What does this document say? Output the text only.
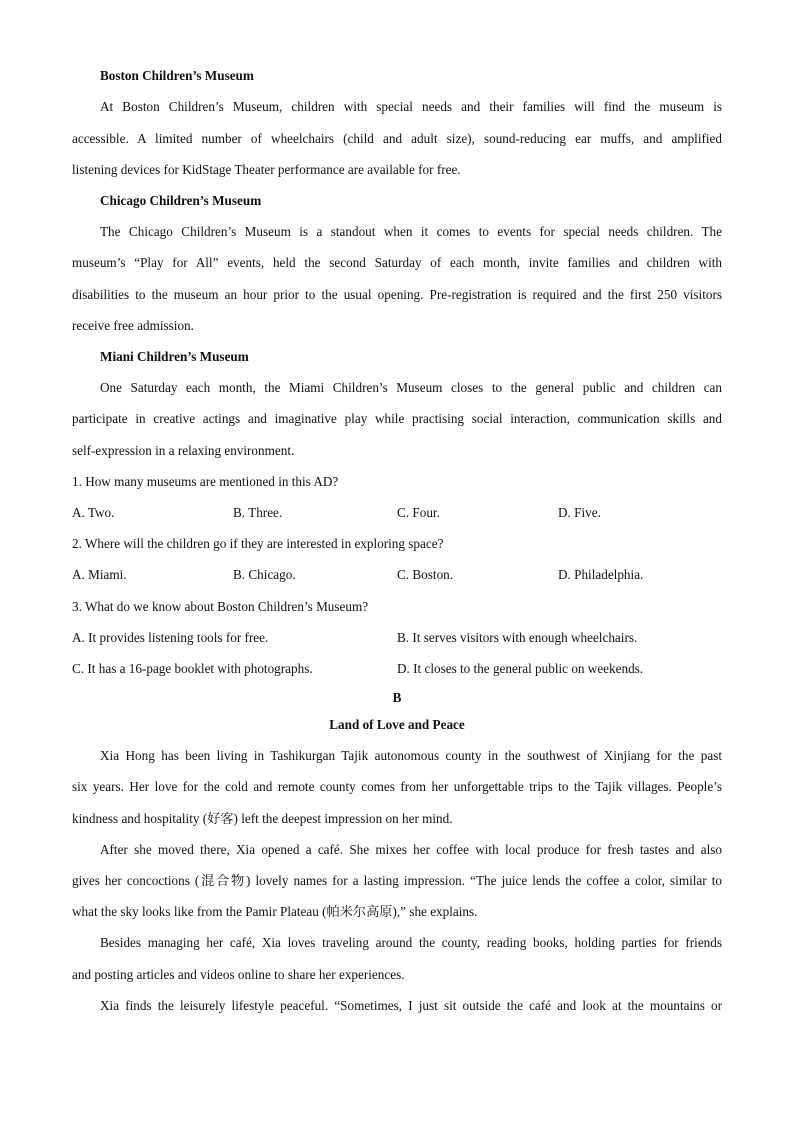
Boston Children’s Museum
At Boston Children’s Museum, children with special needs and their families will find the museum is
accessible. A limited number of wheelchairs (child and adult size), sound-reducing ear muffs, and amplified
listening devices for KidStage Theater performance are available for free.
Chicago Children’s Museum
The Chicago Children’s Museum is a standout when it comes to events for special needs children. The
museum’s “Play for All” events, held the second Saturday of each month, invite families and children with
disabilities to the museum an hour prior to the usual opening. Pre-registration is required and the first 250 visitors
receive free admission.
Miani Children’s Museum
One Saturday each month, the Miami Children’s Museum closes to the general public and children can
participate in creative actings and imaginative play while practising social interaction, communication skills and
self-expression in a relaxing environment.
1. How many museums are mentioned in this AD?
A. Two.	B. Three.	C. Four.	D. Five.
2. Where will the children go if they are interested in exploring space?
A. Miami.	B. Chicago.	C. Boston.	D. Philadelphia.
3. What do we know about Boston Children’s Museum?
A. It provides listening tools for free.	B. It serves visitors with enough wheelchairs.
C. It has a 16-page booklet with photographs.	D. It closes to the general public on weekends.
B
Land of Love and Peace
Xia Hong has been living in Tashikurgan Tajik autonomous county in the southwest of Xinjiang for the past
six years. Her love for the cold and remote county comes from her unforgettable trips to the Tajik villages. People’s
kindness and hospitality (好客) left the deepest impression on her mind.
After she moved there, Xia opened a café. She mixes her coffee with local produce for fresh tastes and also
gives her concoctions (混合物) lovely names for a lasting impression. “The juice lends the coffee a color, similar to
what the sky looks like from the Pamir Plateau (帕米尔高原),” she explains.
Besides managing her café, Xia loves traveling around the county, reading books, holding parties for friends
and posting articles and videos online to share her experiences.
Xia finds the leisurely lifestyle peaceful. “Sometimes, I just sit outside the café and look at the mountains or
